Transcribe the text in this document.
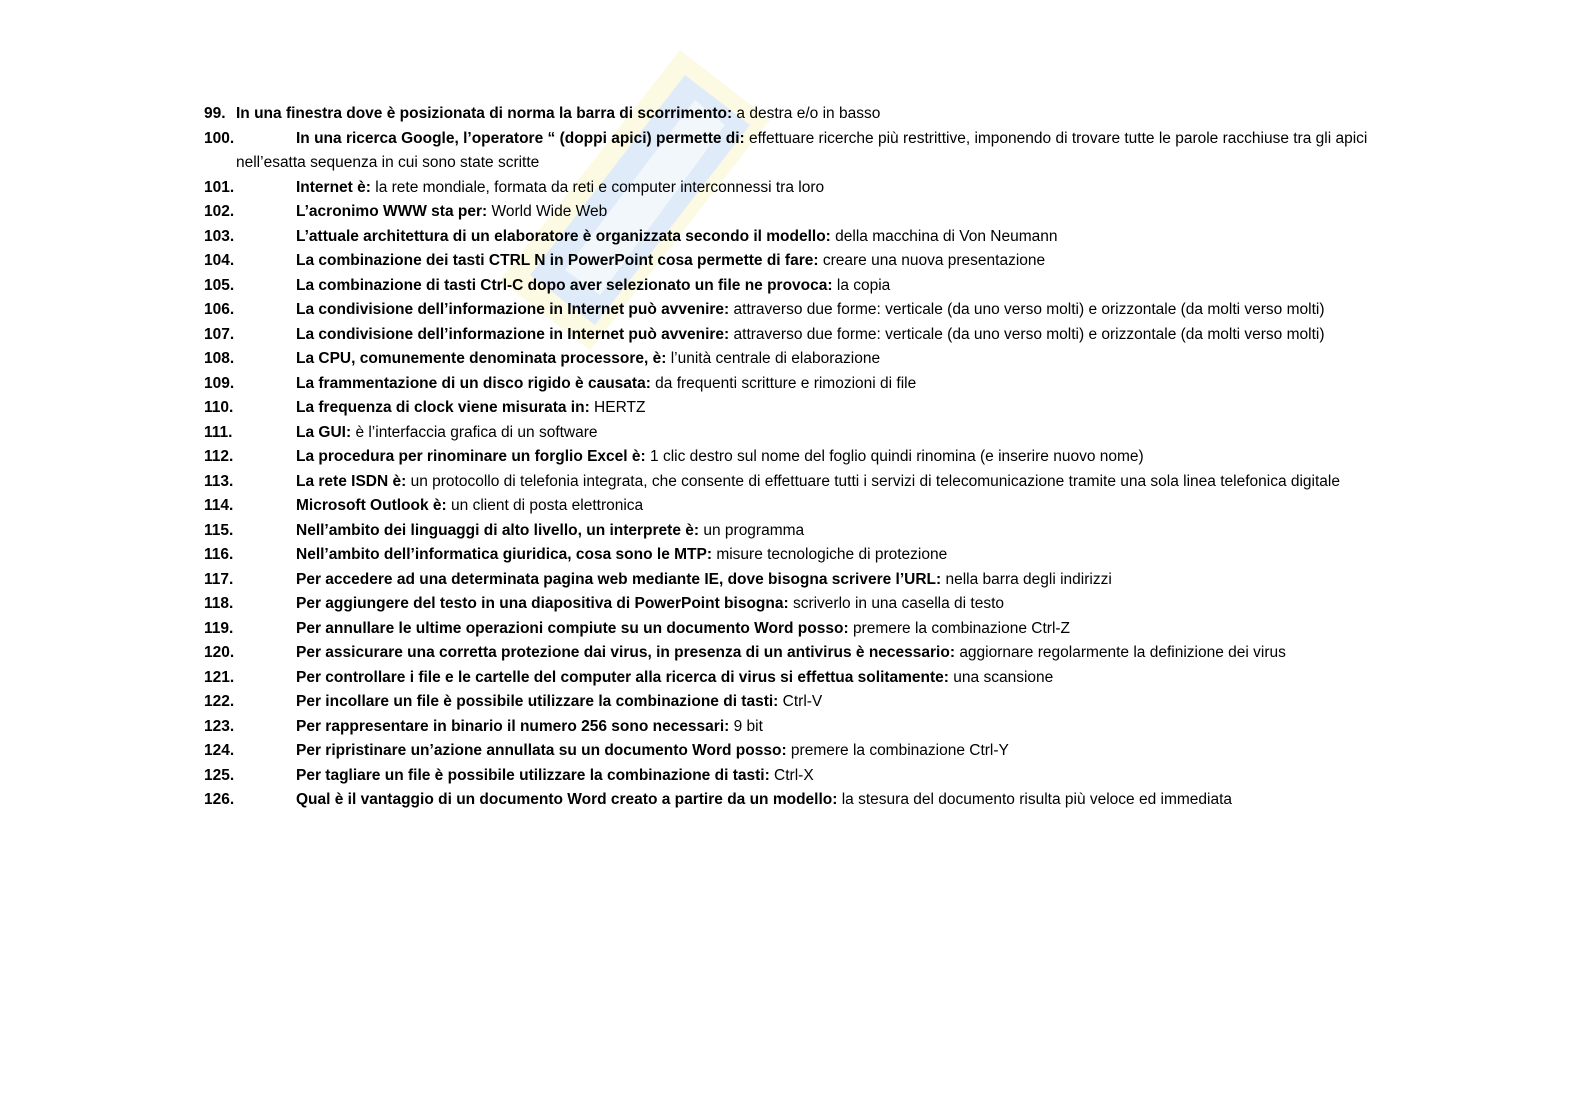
99. In una finestra dove è posizionata di norma la barra di scorrimento: a destra e/o in basso
100.	In una ricerca Google, l’operatore “ (doppi apici) permette di: effettuare ricerche più restrittive, imponendo di trovare tutte le parole racchiuse tra gli apici nell’esatta sequenza in cui sono state scritte
101.	Internet è: la rete mondiale, formata da reti e computer interconnessi tra loro
102.	L’acronimo WWW sta per: World Wide Web
103.	L’attuale architettura di un elaboratore è organizzata secondo il modello: della macchina di Von Neumann
104.	La combinazione dei tasti CTRL N in PowerPoint cosa permette di fare: creare una nuova presentazione
105.	La combinazione di tasti Ctrl-C dopo aver selezionato un file ne provoca: la copia
106.	La condivisione dell’informazione in Internet può avvenire: attraverso due forme: verticale (da uno verso molti) e orizzontale (da molti verso molti)
107.	La condivisione dell’informazione in Internet può avvenire: attraverso due forme: verticale (da uno verso molti) e orizzontale (da molti verso molti)
108.	La CPU, comunemente denominata processore, è: l’unità centrale di elaborazione
109.	La frammentazione di un disco rigido è causata: da frequenti scritture e rimozioni di file
110.	La frequenza di clock viene misurata in: HERTZ
111.	La GUI: è l’interfaccia grafica di un software
112.	La procedura per rinominare un forglio Excel è: 1 clic destro sul nome del foglio quindi rinomina (e inserire nuovo nome)
113.	La rete ISDN è: un protocollo di telefonia integrata, che consente di effettuare tutti i servizi di telecomunicazione tramite una sola linea telefonica digitale
114.	Microsoft Outlook è: un client di posta elettronica
115.	Nell’ambito dei linguaggi di alto livello, un interprete è: un programma
116.	Nell’ambito dell’informatica giuridica, cosa sono le MTP: misure tecnologiche di protezione
117.	Per accedere ad una determinata pagina web mediante IE, dove bisogna scrivere l’URL: nella barra degli indirizzi
118.	Per aggiungere del testo in una diapositiva di PowerPoint bisogna: scriverlo in una casella di testo
119.	Per annullare le ultime operazioni compiute su un documento Word posso: premere la combinazione Ctrl-Z
120.	Per assicurare una corretta protezione dai virus, in presenza di un antivirus è necessario: aggiornare regolarmente la definizione dei virus
121.	Per controllare i file e le cartelle del computer alla ricerca di virus si effettua solitamente: una scansione
122.	Per incollare un file è possibile utilizzare la combinazione di tasti: Ctrl-V
123.	Per rappresentare in binario il numero 256 sono necessari: 9 bit
124.	Per ripristinare un’azione annullata su un documento Word posso: premere la combinazione Ctrl-Y
125.	Per tagliare un file è possibile utilizzare la combinazione di tasti: Ctrl-X
126.	Qual è il vantaggio di un documento Word creato a partire da un modello: la stesura del documento risulta più veloce ed immediata
